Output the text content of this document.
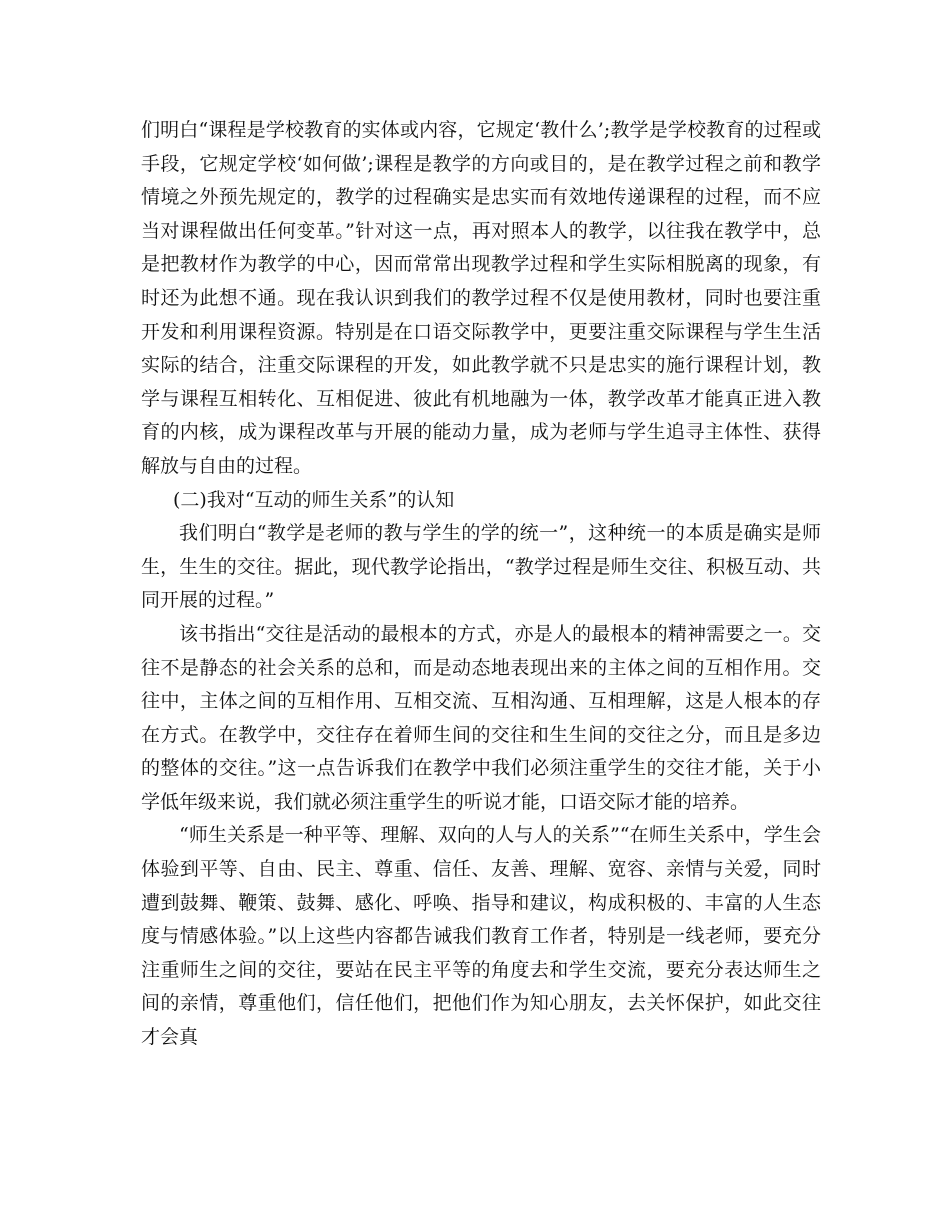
们明白“课程是学校教育的实体或内容，它规定‘教什么’;教学是学校教育的过程或手段，它规定学校‘如何做’;课程是教学的方向或目的，是在教学过程之前和教学情境之外预先规定的，教学的过程确实是忠实而有效地传递课程的过程，而不应当对课程做出任何变革。”针对这一点，再对照本人的教学，以往我在教学中，总是把教材作为教学的中心，因而常常出现教学过程和学生实际相脱离的现象，有时还为此想不通。现在我认识到我们的教学过程不仅是使用教材，同时也要注重开发和利用课程资源。特别是在口语交际教学中，更要注重交际课程与学生生活实际的结合，注重交际课程的开发，如此教学就不只是忠实的施行课程计划，教学与课程互相转化、互相促进、彼此有机地融为一体，教学改革才能真正进入教育的内核，成为课程改革与开展的能动力量，成为老师与学生追寻主体性、获得解放与自由的过程。

(二)我对“互动的师生关系”的认知

我们明白“教学是老师的教与学生的学的统一”，这种统一的本质是确实是师生，生生的交往。据此，现代教学论指出，“教学过程是师生交往、积极互动、共同开展的过程。”

该书指出“交往是活动的最根本的方式，亦是人的最根本的精神需要之一。交往不是静态的社会关系的总和，而是动态地表现出来的主体之间的互相作用。交往中，主体之间的互相作用、互相交流、互相沟通、互相理解，这是人根本的存在方式。在教学中，交往存在着师生间的交往和生生间的交往之分，而且是多边的整体的交往。”这一点告诉我们在教学中我们必须注重学生的交往才能，关于小学低年级来说，我们就必须注重学生的听说才能，口语交际才能的培养。

“师生关系是一种平等、理解、双向的人与人的关系”“在师生关系中，学生会体验到平等、自由、民主、尊重、信任、友善、理解、宽容、亲情与关爱，同时遭到鼓舞、鞭策、鼓舞、感化、呼唤、指导和建议，构成积极的、丰富的人生态度与情感体验。”以上这些内容都告诫我们教育工作者，特别是一线老师，要充分注重师生之间的交往，要站在民主平等的角度去和学生交流，要充分表达师生之间的亲情，尊重他们，信任他们，把他们作为知心朋友，去关怀保护，如此交往才会真
